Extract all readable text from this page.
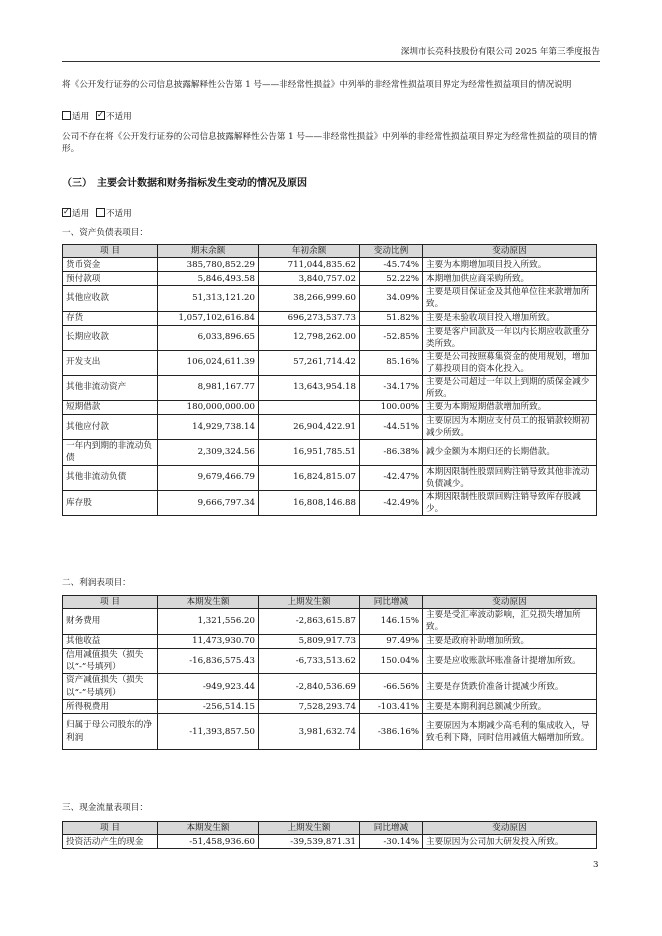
深圳市长亮科技股份有限公司 2025 年第三季度报告
将《公开发行证券的公司信息披露解释性公告第 1 号——非经常性损益》中列举的非经常性损益项目界定为经常性损益项目的情况说明
适用 ✓ 不适用
公司不存在将《公开发行证券的公司信息披露解释性公告第 1 号——非经常性损益》中列举的非经常性损益项目界定为经常性损益的项目的情形。
（三）　主要会计数据和财务指标发生变动的情况及原因
✓适用 不适用
一、资产负债表项目：
项 目	期末余额	年初余额	变动比例	变动原因
货币资金	385,780,852.29	711,044,835.62	-45.74%	主要为本期增加项目投入所致。
预付款项	5,846,493.58	3,840,757.02	52.22%	本期增加供应商采购所致。
其他应收款	51,313,121.20	38,266,999.60	34.09%	主要是项目保证金及其他单位往来款增加所致。
存货	1,057,102,616.84	696,273,537.73	51.82%	主要是未验收项目投入增加所致。
长期应收款	6,033,896.65	12,798,262.00	-52.85%	主要是客户回款及一年以内长期应收款重分类所致。
开发支出	106,024,611.39	57,261,714.42	85.16%	主要是公司按照募集资金的使用规划，增加了募投项目的资本化投入。
其他非流动资产	8,981,167.77	13,643,954.18	-34.17%	主要是公司超过一年以上到期的质保金减少所致。
短期借款	180,000,000.00		100.00%	主要为本期短期借款增加所致。
其他应付款	14,929,738.14	26,904,422.91	-44.51%	主要原因为本期应支付员工的报销款较期初减少所致。
一年内到期的非流动负债	2,309,324.56	16,951,785.51	-86.38%	减少金额为本期归还的长期借款。
其他非流动负债	9,679,466.79	16,824,815.07	-42.47%	本期因限制性股票回购注销导致其他非流动负债减少。
库存股	9,666,797.34	16,808,146.88	-42.49%	本期因限制性股票回购注销导致库存股减少。
二、利润表项目：
项 目	本期发生额	上期发生额	同比增减	变动原因
财务费用	1,321,556.20	-2,863,615.87	146.15%	主要是受汇率波动影响，汇兑损失增加所致。
其他收益	11,473,930.70	5,809,917.73	97.49%	主要是政府补助增加所致。
信用减值损失（损失以“-”号填列）	-16,836,575.43	-6,733,513.62	150.04%	主要是应收账款坏账准备计提增加所致。
资产减值损失（损失以“-”号填列）	-949,923.44	-2,840,536.69	-66.56%	主要是存货跌价准备计提减少所致。
所得税费用	-256,514.15	7,528,293.74	-103.41%	主要是本期利润总额减少所致。
归属于母公司股东的净利润	-11,393,857.50	3,981,632.74	-386.16%	主要原因为本期减少高毛利的集成收入，导致毛利下降，同时信用减值大幅增加所致。
三、现金流量表项目：
项 目	本期发生额	上期发生额	同比增减	变动原因
投资活动产生的现金	-51,458,936.60	-39,539,871.31	-30.14%	主要原因为公司加大研发投入所致。
3
